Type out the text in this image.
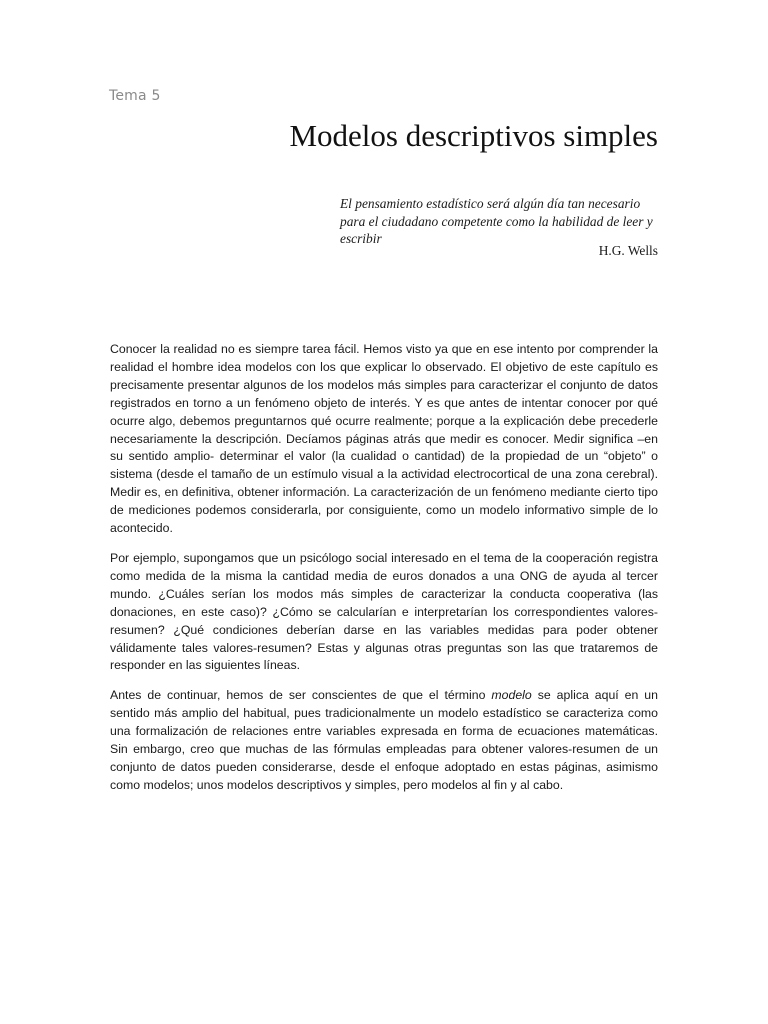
Tema 5
Modelos descriptivos simples

El pensamiento estadístico será algún día tan necesario para el ciudadano competente como la habilidad de leer y escribir

H.G. Wells

Conocer la realidad no es siempre tarea fácil. Hemos visto ya que en ese intento por comprender la realidad el hombre idea modelos con los que explicar lo observado. El objetivo de este capítulo es precisamente presentar algunos de los modelos más simples para caracterizar el conjunto de datos registrados en torno a un fenómeno objeto de interés. Y es que antes de intentar conocer por qué ocurre algo, debemos preguntarnos qué ocurre realmente; porque a la explicación debe precederle necesariamente la descripción. Decíamos páginas atrás que medir es conocer. Medir significa –en su sentido amplio- determinar el valor (la cualidad o cantidad) de la propiedad de un “objeto” o sistema (desde el tamaño de un estímulo visual a la actividad electrocortical de una zona cerebral). Medir es, en definitiva, obtener información. La caracterización de un fenómeno mediante cierto tipo de mediciones podemos considerarla, por consiguiente, como un modelo informativo simple de lo acontecido.

Por ejemplo, supongamos que un psicólogo social interesado en el tema de la cooperación registra como medida de la misma la cantidad media de euros donados a una ONG de ayuda al tercer mundo. ¿Cuáles serían los modos más simples de caracterizar la conducta cooperativa (las donaciones, en este caso)? ¿Cómo se calcularían e interpretarían los correspondientes valores-resumen? ¿Qué condiciones deberían darse en las variables medidas para poder obtener válidamente tales valores-resumen? Estas y algunas otras preguntas son las que trataremos de responder en las siguientes líneas.

Antes de continuar, hemos de ser conscientes de que el término modelo se aplica aquí en un sentido más amplio del habitual, pues tradicionalmente un modelo estadístico se caracteriza como una formalización de relaciones entre variables expresada en forma de ecuaciones matemáticas. Sin embargo, creo que muchas de las fórmulas empleadas para obtener valores-resumen de un conjunto de datos pueden considerarse, desde el enfoque adoptado en estas páginas, asimismo como modelos; unos modelos descriptivos y simples, pero modelos al fin y al cabo.
